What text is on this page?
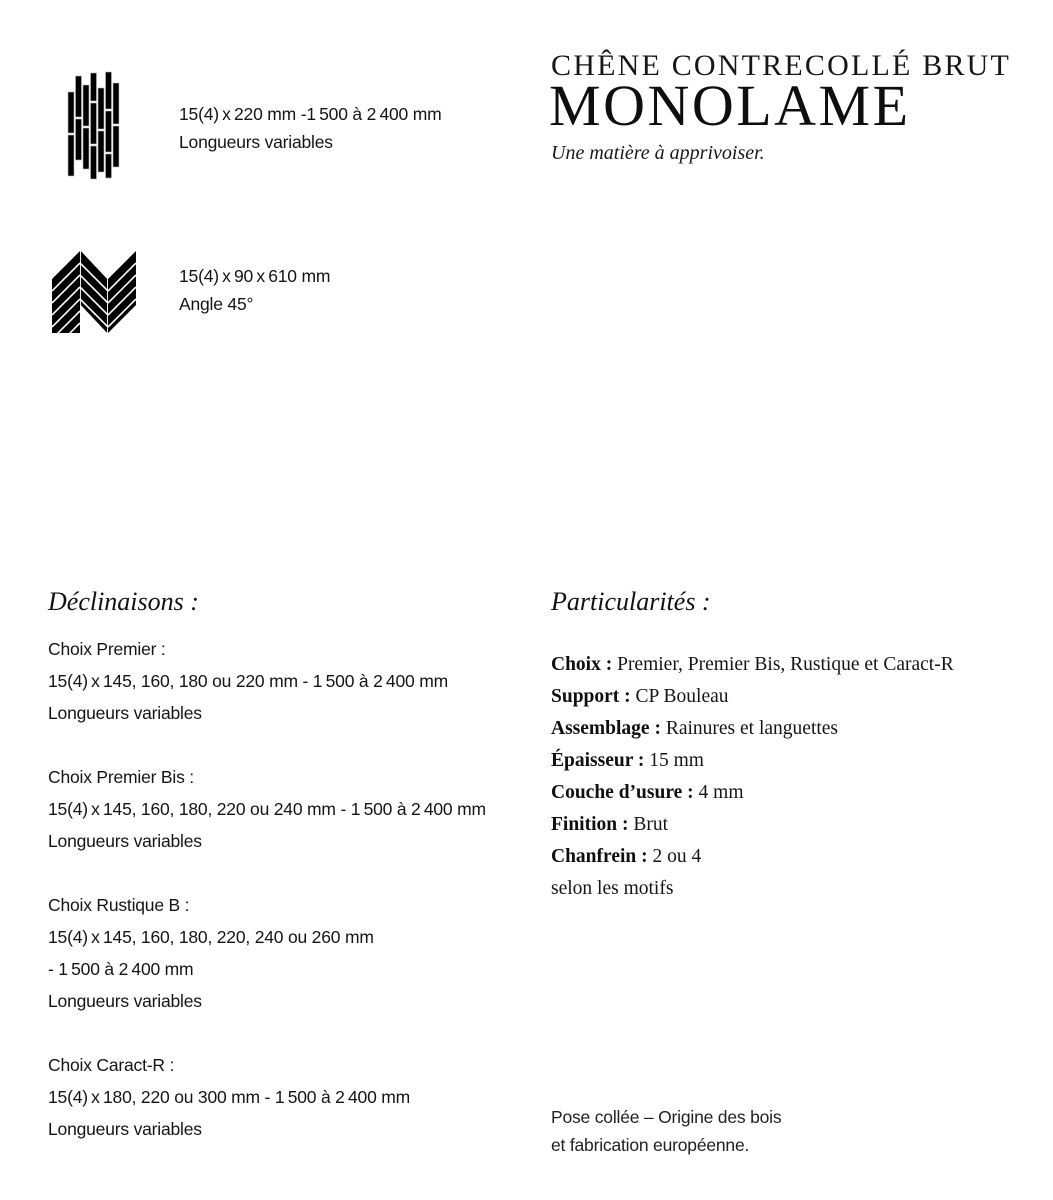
15(4) x 220 mm -1 500 à 2 400 mm
Longueurs variables
15(4) x 90 x 610 mm
Angle 45°
CHÊNE CONTRECOLLÉ BRUT
MONOLAME
Une matière à apprivoiser.
Déclinaisons :

Choix Premier :

15(4) x 145, 160, 180 ou 220 mm - 1 500 à 2 400 mm

Longueurs variables

Choix Premier Bis :

15(4) x 145, 160, 180, 220 ou 240 mm - 1 500 à 2 400 mm

Longueurs variables

Choix Rustique B :

15(4) x 145, 160, 180, 220, 240 ou 260 mm

- 1 500 à 2 400 mm

Longueurs variables

Choix Caract-R :

15(4) x 180, 220 ou 300 mm - 1 500 à 2 400 mm

Longueurs variables

Particularités :

Choix : Premier, Premier Bis, Rustique et Caract-R

Support : CP Bouleau

Assemblage : Rainures et languettes

Épaisseur : 15 mm

Couche d’usure : 4 mm

Finition : Brut

Chanfrein : 2 ou 4

selon les motifs

Pose collée – Origine des bois

et fabrication européenne.
